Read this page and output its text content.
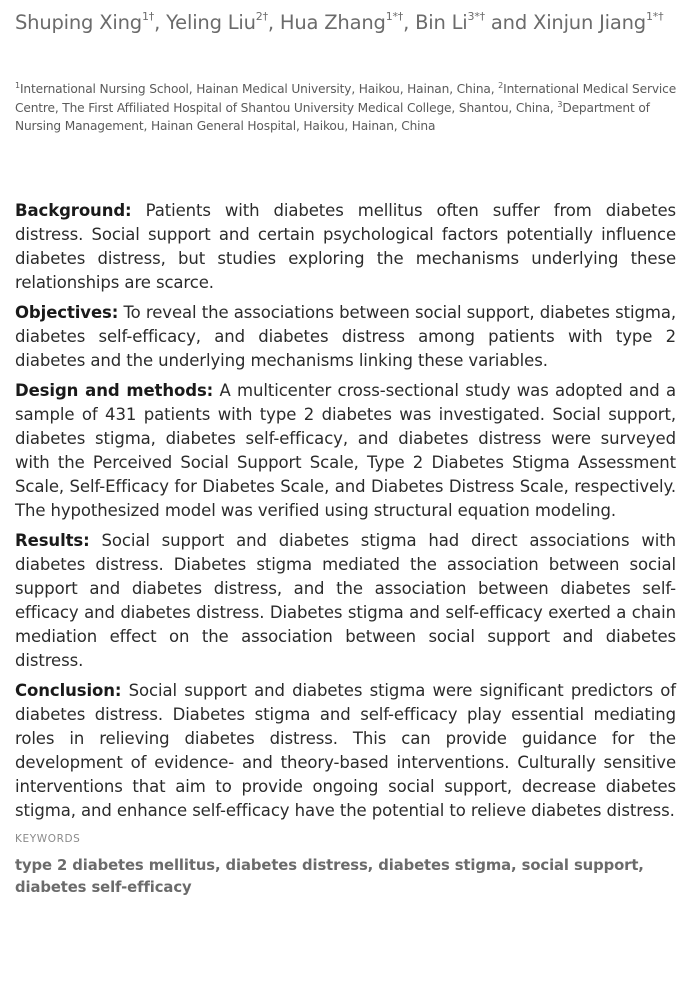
Shuping Xing$^{1\dagger}$, Yeling Liu$^{2\dagger}$, Hua Zhang$^{1*\dagger}$, Bin $Li^{3*\dagger}$ and Xinjun Jiang$^{1*\dagger}$
$^1$International Nursing School, Hainan Medical University, Haikou, Hainan, China, $^2$International Medical Service Centre, The First Affiliated Hospital of Shantou University Medical College, Shantou, China, $^3$Department of Nursing Management, Hainan General Hospital, Haikou, Hainan, China

Background: Patients with diabetes mellitus often suffer from diabetes distress. Social support and certain psychological factors potentially influence diabetes distress, but studies exploring the mechanisms underlying these relationships are scarce.

Objectives: To reveal the associations between social support, diabetes stigma, diabetes self-efficacy, and diabetes distress among patients with type 2 diabetes and the underlying mechanisms linking these variables.

Design and methods: A multicenter cross-sectional study was adopted and a sample of 431 patients with type 2 diabetes was investigated. Social support, diabetes stigma, diabetes self-efficacy, and diabetes distress were surveyed with the Perceived Social Support Scale, Type 2 Diabetes Stigma Assessment Scale, Self-Efficacy for Diabetes Scale, and Diabetes Distress Scale, respectively. The hypothesized model was verified using structural equation modeling.

Results: Social support and diabetes stigma had direct associations with diabetes distress. Diabetes stigma mediated the association between social support and diabetes distress, and the association between diabetes self-efficacy and diabetes distress. Diabetes stigma and self-efficacy exerted a chain mediation effect on the association between social support and diabetes distress.

Conclusion: Social support and diabetes stigma were significant predictors of diabetes distress. Diabetes stigma and self-efficacy play essential mediating roles in relieving diabetes distress. This can provide guidance for the development of evidence- and theory-based interventions. Culturally sensitive interventions that aim to provide ongoing social support, decrease diabetes stigma, and enhance self-efficacy have the potential to relieve diabetes distress.

KEYWORDS
type 2 diabetes mellitus, diabetes distress, diabetes stigma, social support, diabetes self-efficacy
